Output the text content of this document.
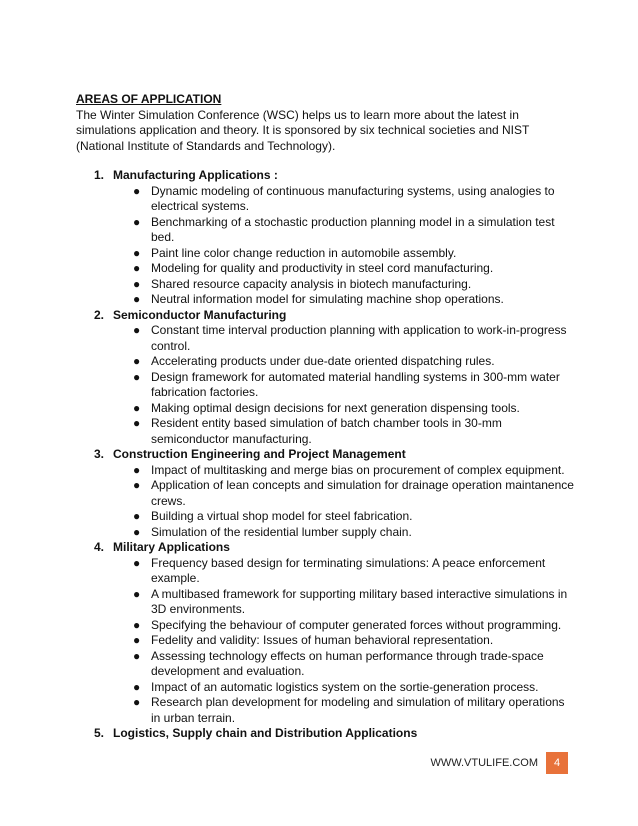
AREAS OF APPLICATION

The Winter Simulation Conference (WSC) helps us to learn more about the latest in simulations application and theory. It is sponsored by six technical societies and NIST (National Institute of Standards and Technology).

1. Manufacturing Applications :
● Dynamic modeling of continuous manufacturing systems, using analogies to electrical systems.
● Benchmarking of a stochastic production planning model in a simulation test bed.
● Paint line color change reduction in automobile assembly.
● Modeling for quality and productivity in steel cord manufacturing.
● Shared resource capacity analysis in biotech manufacturing.
● Neutral information model for simulating machine shop operations.
2. Semiconductor Manufacturing
● Constant time interval production planning with application to work-in-progress control.
● Accelerating products under due-date oriented dispatching rules.
● Design framework for automated material handling systems in 300-mm water fabrication factories.
● Making optimal design decisions for next generation dispensing tools.
● Resident entity based simulation of batch chamber tools in 30-mm semiconductor manufacturing.
3. Construction Engineering and Project Management
● Impact of multitasking and merge bias on procurement of complex equipment.
● Application of lean concepts and simulation for drainage operation maintanence crews.
● Building a virtual shop model for steel fabrication.
● Simulation of the residential lumber supply chain.
4. Military Applications
● Frequency based design for terminating simulations: A peace enforcement example.
● A multibased framework for supporting military based interactive simulations in 3D environments.
● Specifying the behaviour of computer generated forces without programming.
● Fedelity and validity: Issues of human behavioral representation.
● Assessing technology effects on human performance through trade-space development and evaluation.
● Impact of an automatic logistics system on the sortie-generation process.
● Research plan development for modeling and simulation of military operations in urban terrain.
5. Logistics, Supply chain and Distribution Applications
WWW.VTULIFE.COM	4
